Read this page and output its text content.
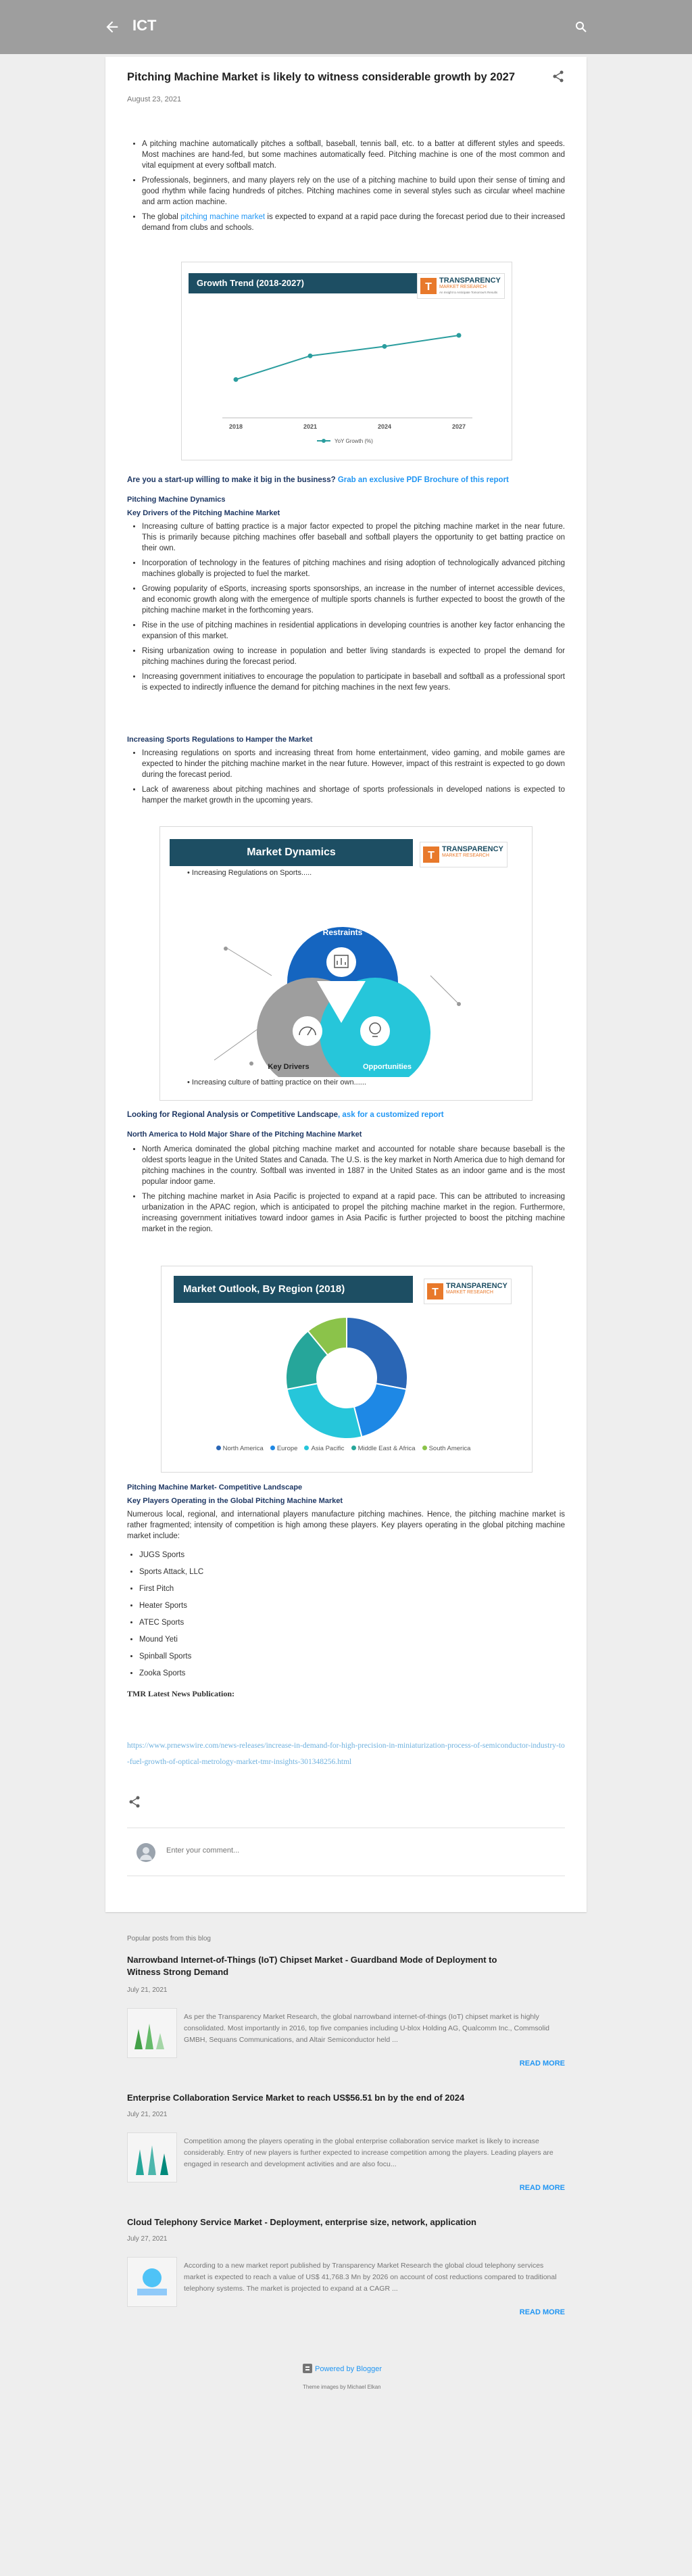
ICT
Pitching Machine Market is likely to witness considerable growth by 2027
August 23, 2021
• A pitching machine automatically pitches a softball, baseball, tennis ball, etc. to a batter at different styles and speeds. Most machines are hand-fed, but some machines automatically feed. Pitching machine is one of the most common and vital equipment at every softball match.
• Professionals, beginners, and many players rely on the use of a pitching machine to build upon their sense of timing and good rhythm while facing hundreds of pitches. Pitching machines come in several styles such as circular wheel machine and arm action machine.
• The global pitching machine market is expected to expand at a rapid pace during the forecast period due to their increased demand from clubs and schools.
Growth Trend (2018-2027)	T
TRANSPARENCY
MARKET RESEARCH
An Insight to Anticipate Tomorrow's Results
2018	2021	2024	2027
YoY Growth (%)
Are you a start-up willing to make it big in the business? Grab an exclusive PDF Brochure of this report
Pitching Machine Dynamics
Key Drivers of the Pitching Machine Market
• Increasing culture of batting practice is a major factor expected to propel the pitching machine market in the near future. This is primarily because pitching machines offer baseball and softball players the opportunity to get batting practice on their own.
• Incorporation of technology in the features of pitching machines and rising adoption of technologically advanced pitching machines globally is projected to fuel the market.
• Growing popularity of eSports, increasing sports sponsorships, an increase in the number of internet accessible devices, and economic growth along with the emergence of multiple sports channels is further expected to boost the growth of the pitching machine market in the forthcoming years.
• Rise in the use of pitching machines in residential applications in developing countries is another key factor enhancing the expansion of this market.
• Rising urbanization owing to increase in population and better living standards is expected to propel the demand for pitching machines during the forecast period.
• Increasing government initiatives to encourage the population to participate in baseball and softball as a professional sport is expected to indirectly influence the demand for pitching machines in the next few years.
Increasing Sports Regulations to Hamper the Market
• Increasing regulations on sports and increasing threat from home entertainment, video gaming, and mobile games are expected to hinder the pitching machine market in the near future. However, impact of this restraint is expected to go down during the forecast period.
• Lack of awareness about pitching machines and shortage of sports professionals in developed nations is expected to hamper the market growth in the upcoming years.
Market Dynamics	T
TRANSPARENCY
MARKET RESEARCH
• Increasing Regulations on Sports.....
Restraints
Key Drivers	Opportunities
• Increasing culture of batting practice on their own......
Looking for Regional Analysis or Competitive Landscape, ask for a customized report
North America to Hold Major Share of the Pitching Machine Market
• North America dominated the global pitching machine market and accounted for notable share because baseball is the oldest sports league in the United States and Canada. The U.S. is the key market in North America due to high demand for pitching machines in the country. Softball was invented in 1887 in the United States as an indoor game and is the most popular indoor game.
• The pitching machine market in Asia Pacific is projected to expand at a rapid pace. This can be attributed to increasing urbanization in the APAC region, which is anticipated to propel the pitching machine market in the region. Furthermore, increasing government initiatives toward indoor games in Asia Pacific is further projected to boost the pitching machine market in the region.
Market Outlook, By Region (2018)	T
TRANSPARENCY
MARKET RESEARCH
North America Europe Asia Pacific Middle East & Africa South America
Pitching Machine Market- Competitive Landscape
Key Players Operating in the Global Pitching Machine Market
Numerous local, regional, and international players manufacture pitching machines. Hence, the pitching machine market is rather fragmented; intensity of competition is high among these players. Key players operating in the global pitching machine market include:
• JUGS Sports
• Sports Attack, LLC
• First Pitch
• Heater Sports
• ATEC Sports
• Mound Yeti
• Spinball Sports
• Zooka Sports
TMR Latest News Publication:
https://www.prnewswire.com/news-releases/increase-in-demand-for-high-precision-in-miniaturization-process-of-semiconductor-industry-to-fuel-growth-of-optical-metrology-market-tmr-insights-301348256.html
Enter your comment...
Popular posts from this blog
Narrowband Internet-of-Things (IoT) Chipset Market - Guardband Mode of Deployment to Witness Strong Demand
July 21, 2021
As per the Transparency Market Research, the global narrowband internet-of-things (IoT) chipset market is highly consolidated. Most importantly in 2016, top five companies including U-blox Holding AG, Qualcomm Inc., Commsolid GMBH, Sequans Communications, and Altair Semiconductor held ...
READ MORE
Enterprise Collaboration Service Market to reach US$56.51 bn by the end of 2024
July 21, 2021
Competition among the players operating in the global enterprise collaboration service market is likely to increase considerably. Entry of new players is further expected to increase competition among the players. Leading players are engaged in research and development activities and are also focu...
READ MORE
Cloud Telephony Service Market - Deployment, enterprise size, network, application
July 27, 2021
According to a new market report published by Transparency Market Research the global cloud telephony services market is expected to reach a value of US$ 41,768.3 Mn by 2026 on account of cost reductions compared to traditional telephony systems. The market is projected to expand at a CAGR ...
READ MORE
Powered by Blogger
Theme images by Michael Elkan
